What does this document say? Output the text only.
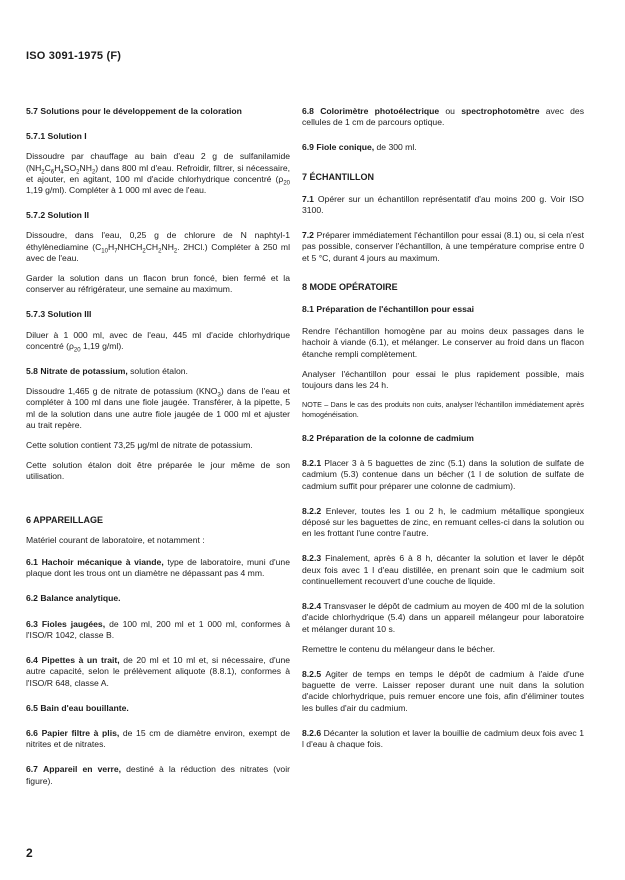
ISO 3091-1975 (F)
5.7 Solutions pour le développement de la coloration
5.7.1 Solution I

Dissoudre par chauffage au bain d'eau 2 g de sulfanilamide $(NH_2C_6H_4SO_2NH_2)$ dans 800 ml d'eau. Refroidir, filtrer, si nécessaire, et ajouter, en agitant, 100 ml d'acide chlorhydrique concentré ($\rho_{20}$ 1,19 g/ml). Compléter à 1 000 ml avec de l'eau.

5.7.2 Solution II

Dissoudre, dans l'eau, 0,25 g de chlorure de N naphtyl-1 éthylènediamine ($C_{10}H_7NHCH_2CH_2NH_2$. 2HCl.) Compléter à 250 ml avec de l'eau.

Garder la solution dans un flacon brun foncé, bien fermé et la conserver au réfrigérateur, une semaine au maximum.

5.7.3 Solution III

Diluer à 1 000 ml, avec de l'eau, 445 ml d'acide chlorhydrique concentré ($\rho_{20}$ 1,19 g/ml).

5.8 Nitrate de potassium, solution étalon.

Dissoudre 1,465 g de nitrate de potassium $(KNO_3)$ dans de l'eau et compléter à 100 ml dans une fiole jaugée. Transférer, à la pipette, 5 ml de la solution dans une autre fiole jaugée de 1 000 ml et ajuster au trait repère.

Cette solution contient 73,25 μg/ml de nitrate de potassium.

Cette solution étalon doit être préparée le jour même de son utilisation.

6 APPAREILLAGE

Matériel courant de laboratoire, et notamment :

6.1 Hachoir mécanique à viande, type de laboratoire, muni d'une plaque dont les trous ont un diamètre ne dépassant pas 4 mm.

6.2 Balance analytique.

6.3 Fioles jaugées, de 100 ml, 200 ml et 1 000 ml, conformes à l'ISO/R 1042, classe B.

6.4 Pipettes à un trait, de 20 ml et 10 ml et, si nécessaire, d'une autre capacité, selon le prélèvement aliquote (8.8.1), conformes à l'ISO/R 648, classe A.

6.5 Bain d'eau bouillante.

6.6 Papier filtre à plis, de 15 cm de diamètre environ, exempt de nitrites et de nitrates.

6.7 Appareil en verre, destiné à la réduction des nitrates (voir figure).

6.8 Colorimètre photoélectrique ou spectrophotomètre avec des cellules de 1 cm de parcours optique.

6.9 Fiole conique, de 300 ml.

7 ÉCHANTILLON

7.1 Opérer sur un échantillon représentatif d'au moins 200 g. Voir ISO 3100.

7.2 Préparer immédiatement l'échantillon pour essai (8.1) ou, si cela n'est pas possible, conserver l'échantillon, à une température comprise entre 0 et 5 °C, durant 4 jours au maximum.

8 MODE OPÉRATOIRE
8.1 Préparation de l'échantillon pour essai

Rendre l'échantillon homogène par au moins deux passages dans le hachoir à viande (6.1), et mélanger. Le conserver au froid dans un flacon étanche rempli complètement.

Analyser l'échantillon pour essai le plus rapidement possible, mais toujours dans les 24 h.

NOTE – Dans le cas des produits non cuits, analyser l'échantillon immédiatement après homogénéisation.

8.2 Préparation de la colonne de cadmium

8.2.1 Placer 3 à 5 baguettes de zinc (5.1) dans la solution de sulfate de cadmium (5.3) contenue dans un bécher (1 l de solution de sulfate de cadmium suffit pour préparer une colonne de cadmium).

8.2.2 Enlever, toutes les 1 ou 2 h, le cadmium métallique spongieux déposé sur les baguettes de zinc, en remuant celles-ci dans la solution ou en les frottant l'une contre l'autre.

8.2.3 Finalement, après 6 à 8 h, décanter la solution et laver le dépôt deux fois avec 1 l d'eau distillée, en prenant soin que le cadmium soit continuellement recouvert d'une couche de liquide.

8.2.4 Transvaser le dépôt de cadmium au moyen de 400 ml de la solution d'acide chlorhydrique (5.4) dans un appareil mélangeur pour laboratoire et mélanger durant 10 s.

Remettre le contenu du mélangeur dans le bécher.

8.2.5 Agiter de temps en temps le dépôt de cadmium à l'aide d'une baguette de verre. Laisser reposer durant une nuit dans la solution d'acide chlorhydrique, puis remuer encore une fois, afin d'éliminer toutes les bulles d'air du cadmium.

8.2.6 Décanter la solution et laver la bouillie de cadmium deux fois avec 1 l d'eau à chaque fois.

2
